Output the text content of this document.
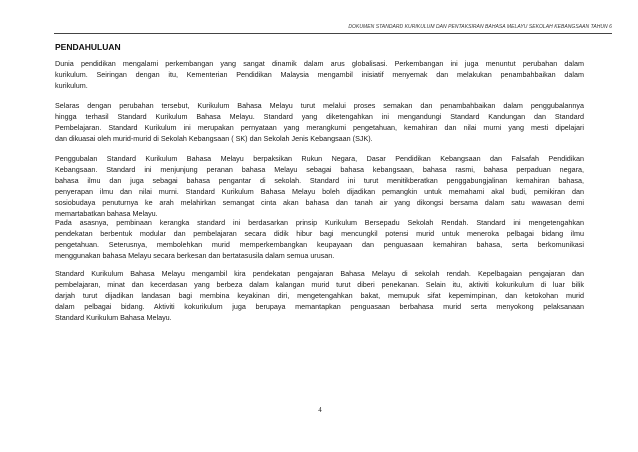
DOKUMEN STANDARD KURIKULUM DAN PENTAKSIRAN BAHASA MELAYU SEKOLAH KEBANGSAAN TAHUN 6
PENDAHULUAN
Dunia pendidikan mengalami perkembangan yang sangat dinamik dalam arus globalisasi. Perkembangan ini juga menuntut perubahan dalam
kurikulum. Seiringan dengan itu, Kementerian Pendidikan Malaysia mengambil inisiatif menyemak dan melakukan penambahbaikan dalam
kurikulum.
Selaras dengan perubahan tersebut, Kurikulum Bahasa Melayu turut melalui proses semakan dan penambahbaikan dalam penggubalannya
hingga terhasil Standard Kurikulum Bahasa Melayu. Standard yang diketengahkan ini mengandungi Standard Kandungan dan Standard
Pembelajaran. Standard Kurikulum ini merupakan pernyataan yang merangkumi pengetahuan, kemahiran dan nilai murni yang mesti dipelajari
dan dikuasai oleh murid-murid di Sekolah Kebangsaan ( SK) dan Sekolah Jenis Kebangsaan (SJK).
Penggubalan Standard Kurikulum Bahasa Melayu berpaksikan Rukun Negara, Dasar Pendidikan Kebangsaan dan Falsafah Pendidikan
Kebangsaan. Standard ini menjunjung peranan bahasa Melayu sebagai bahasa kebangsaan, bahasa rasmi, bahasa perpaduan negara,
bahasa ilmu dan juga sebagai bahasa pengantar di sekolah. Standard ini turut menitikberatkan penggabungjalinan kemahiran bahasa,
penyerapan ilmu dan nilai murni. Standard Kurikulum Bahasa Melayu boleh dijadikan pemangkin untuk memahami akal budi, pemikiran dan
sosiobudaya penuturnya ke arah melahirkan semangat cinta akan bahasa dan tanah air yang dikongsi bersama dalam satu wawasan demi
memartabatkan bahasa Melayu.
Pada asasnya, pembinaan kerangka standard ini berdasarkan prinsip Kurikulum Bersepadu Sekolah Rendah. Standard ini mengetengahkan
pendekatan berbentuk modular dan pembelajaran secara didik hibur bagi mencungkil potensi murid untuk meneroka pelbagai bidang ilmu
pengetahuan. Seterusnya, membolehkan murid memperkembangkan keupayaan dan penguasaan kemahiran bahasa, serta berkomunikasi
menggunakan bahasa Melayu secara berkesan dan bertatasusila dalam semua urusan.
Standard Kurikulum Bahasa Melayu mengambil kira pendekatan pengajaran Bahasa Melayu di sekolah rendah. Kepelbagaian pengajaran dan
pembelajaran, minat dan kecerdasan yang berbeza dalam kalangan murid turut diberi penekanan. Selain itu, aktiviti kokurikulum di luar bilik
darjah turut dijadikan landasan bagi membina keyakinan diri, mengetengahkan bakat, memupuk sifat kepemimpinan, dan ketokohan murid
dalam pelbagai bidang. Aktiviti kokurikulum juga berupaya memantapkan penguasaan berbahasa murid serta menyokong pelaksanaan
Standard Kurikulum Bahasa Melayu.
4
